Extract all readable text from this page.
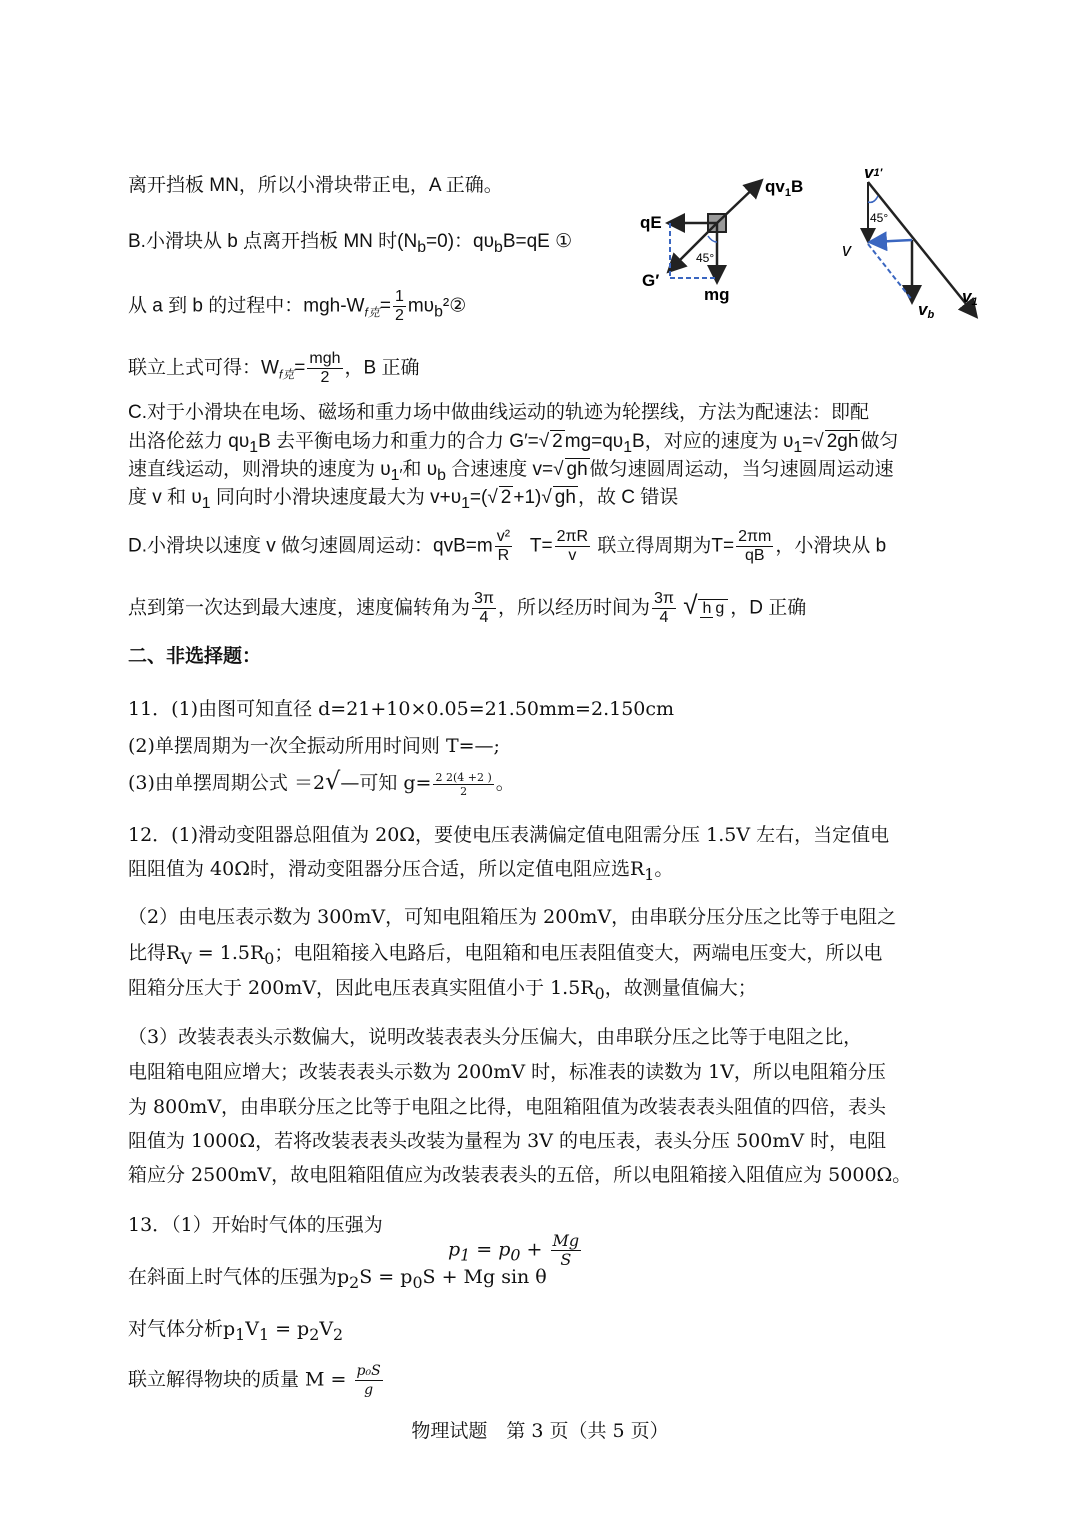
离开挡板 MN，所以小滑块带正电，A 正确。
B.小滑块从 b 点离开挡板 MN 时$(N_b=0)$：$q\upsilon_bB=qE$ ①
从 a 到 b 的过程中：mgh-$W_{f克}= \frac{1}{2}$ $m\upsilon_b^2②$
联立上式可得：$W_{f克}= \frac{\text{mgh}}{2}$ ，B 正确
C.对于小滑块在电场、磁场和重力场中做曲线运动的轨迹为轮摆线，方法为配速法：即配
出洛伦兹力 $q\upsilon_1B$ 去平衡电场力和重力的合力 G′=√ 2 $mg=q\upsilon_1B$，对应的速度为 $\upsilon_1=√$ 2gh 做匀
速直线运动，则滑块的速度为 $\upsilon_{1'}$和 $\upsilon_b$ 合速速度 v=√ gh 做匀速圆周运动，当匀速圆周运动速
度 v 和 $\upsilon_1$ 同向时小滑块速度最大为 $v+\upsilon_1=(√$ 2 +1)√ gh ，故 C 错误
D.小滑块以速度 v 做匀速圆周运动：$qvB=m \frac{\text{v²}}{R} T= \frac{2\pi R}{v}$ 联立得周期为$T= \frac{2\pi m}{qB}$ ，小滑块从 b
点到第一次达到最大速度，速度偏转角为 $\frac{3\pi}{4}$ ，所以经历时间为 $\frac{3\pi}{4}$
√ h g ，D 正确
二、非选择题：
11．(1)由图可知直径 d=21+10×0.05=21.50mm=2.150cm
(2)单摆周期为一次全振动所用时间则 T=—;
(3)由单摆周期公式 ＝2√ —可知 $g= \frac{2 2(4 +2 )}{2}$ 。
12．(1)滑动变阻器总阻值为 20Ω，要使电压表满偏定值电阻需分压 1.5V 左右，当定值电
阻阻值为 40Ω时，滑动变阻器分压合适，所以定值电阻应选$R_1$。
（2）由电压表示数为 300mV，可知电阻箱压为 200mV，由串联分压分压之比等于电阻之
比得$R_V = 1.5R_0$；电阻箱接入电路后，电阻箱和电压表阻值变大，两端电压变大，所以电
阻箱分压大于 200mV，因此电压表真实阻值小于 $1.5R_0$，故测量值偏大；
（3）改装表表头示数偏大，说明改装表表头分压偏大，由串联分压之比等于电阻之比，
电阻箱电阻应增大；改装表表头示数为 200mV 时，标准表的读数为 1V，所以电阻箱分压
为 800mV，由串联分压之比等于电阻之比得，电阻箱阻值为改装表表头阻值的四倍，表头
阻值为 1000Ω，若将改装表表头改装为量程为 3V 的电压表，表头分压 500mV 时，电阻
箱应分 2500mV，故电阻箱阻值应为改装表表头的五倍，所以电阻箱接入阻值应为 5000Ω。
13．（1）开始时气体的压强为
$p_1 = p_0 + \frac{Mg}{S}$
在斜面上时气体的压强为$p_2S = p_0S + Mg$ sin θ
对气体分析$p_1V_1 = p_2V_2$
联立解得物块的质量 $M = \frac{\text{p₀S}}{g}$
物理试题　第 3 页（共 5 页）
$qv_1B$
qE
G′
mg
45°
v1′
45°
v
vb
v1
